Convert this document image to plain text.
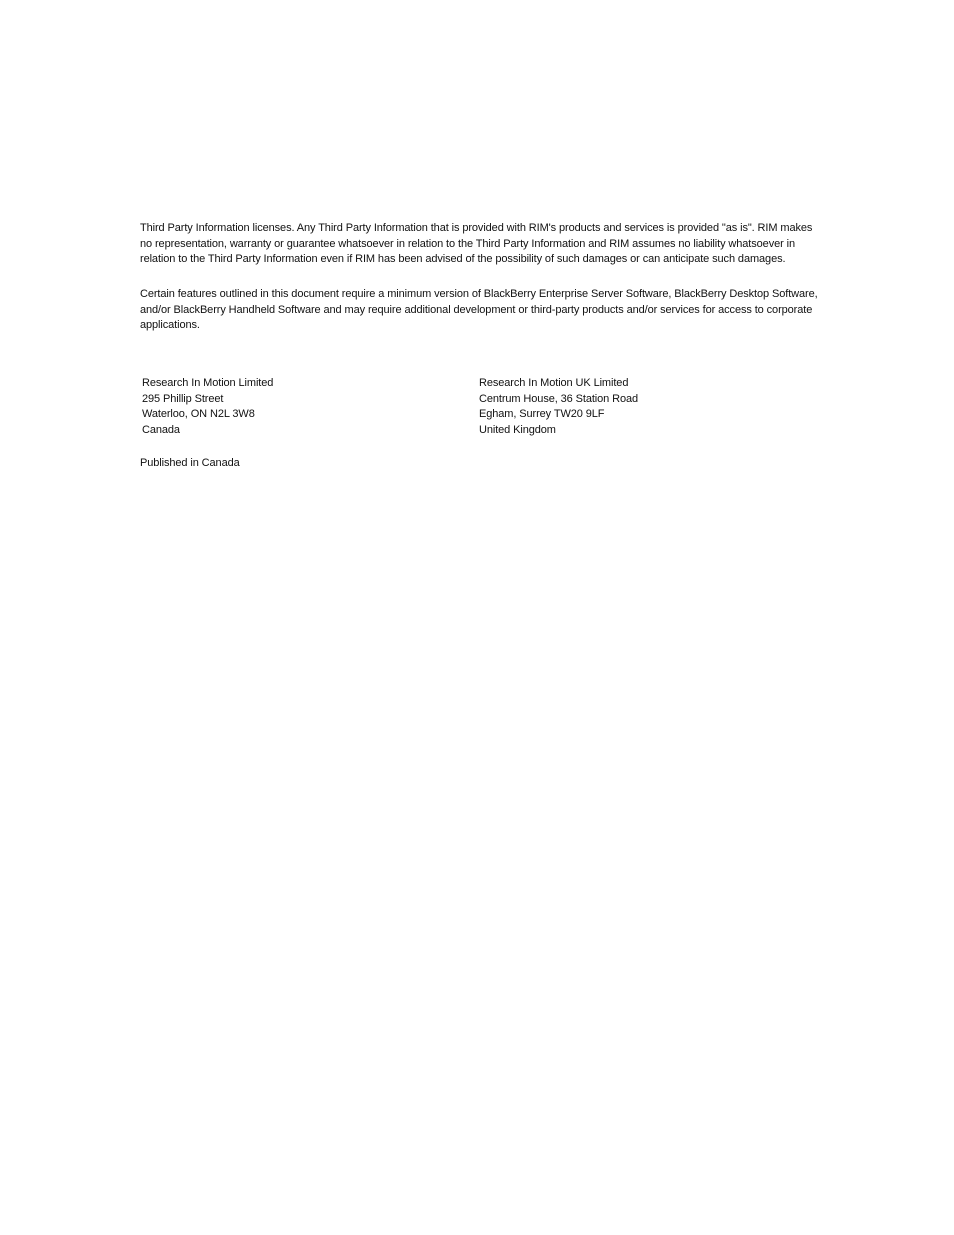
Third Party Information licenses. Any Third Party Information that is provided with RIM's products and services is provided "as is". RIM makes
no representation, warranty or guarantee whatsoever in relation to the Third Party Information and RIM assumes no liability whatsoever in
relation to the Third Party Information even if RIM has been advised of the possibility of such damages or can anticipate such damages.
Certain features outlined in this document require a minimum version of BlackBerry Enterprise Server Software, BlackBerry Desktop Software,
and/or BlackBerry Handheld Software and may require additional development or third-party products and/or services for access to corporate
applications.
Research In Motion Limited
295 Phillip Street
Waterloo, ON N2L 3W8
Canada
Research In Motion UK Limited
Centrum House, 36 Station Road
Egham, Surrey TW20 9LF
United Kingdom
Published in Canada
